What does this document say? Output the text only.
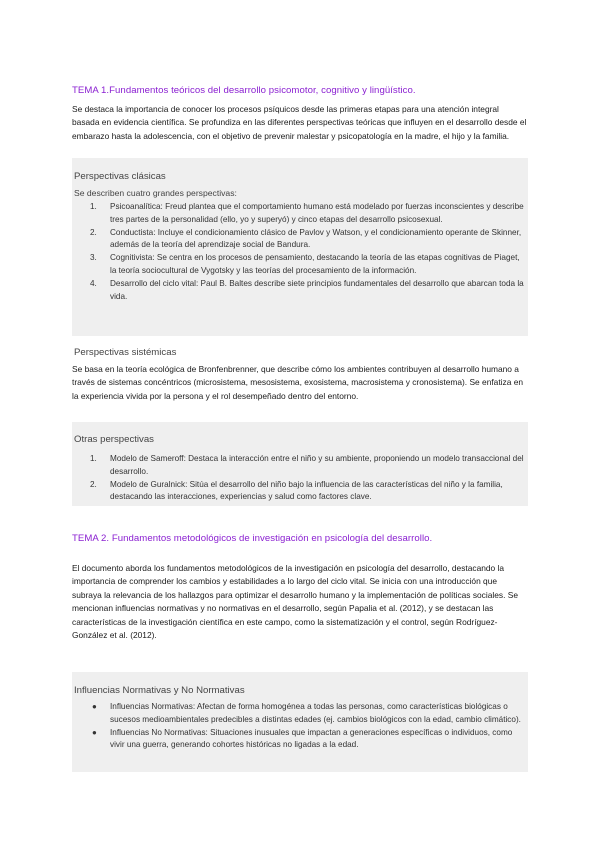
TEMA 1.Fundamentos teóricos del desarrollo psicomotor, cognitivo y lingüístico.
Se destaca la importancia de conocer los procesos psíquicos desde las primeras etapas para una atención integral basada en evidencia científica. Se profundiza en las diferentes perspectivas teóricas que influyen en el desarrollo desde el embarazo hasta la adolescencia, con el objetivo de prevenir malestar y psicopatología en la madre, el hijo y la familia.
Perspectivas clásicas
Se describen cuatro grandes perspectivas:
1.	Psicoanalítica: Freud plantea que el comportamiento humano está modelado por fuerzas inconscientes y describe tres partes de la personalidad (ello, yo y superyó) y cinco etapas del desarrollo psicosexual.
2.	Conductista: Incluye el condicionamiento clásico de Pavlov y Watson, y el condicionamiento operante de Skinner, además de la teoría del aprendizaje social de Bandura.
3.	Cognitivista: Se centra en los procesos de pensamiento, destacando la teoría de las etapas cognitivas de Piaget, la teoría sociocultural de Vygotsky y las teorías del procesamiento de la información.
4.	Desarrollo del ciclo vital: Paul B. Baltes describe siete principios fundamentales del desarrollo que abarcan toda la vida.
Perspectivas sistémicas
Se basa en la teoría ecológica de Bronfenbrenner, que describe cómo los ambientes contribuyen al desarrollo humano a través de sistemas concéntricos (microsistema, mesosistema, exosistema, macrosistema y cronosistema). Se enfatiza en la experiencia vivida por la persona y el rol desempeñado dentro del entorno.
Otras perspectivas
1.	Modelo de Sameroff: Destaca la interacción entre el niño y su ambiente, proponiendo un modelo transaccional del desarrollo.
2.	Modelo de Guralnick: Sitúa el desarrollo del niño bajo la influencia de las características del niño y la familia, destacando las interacciones, experiencias y salud como factores clave.
TEMA 2. Fundamentos metodológicos de investigación en psicología del desarrollo.
El documento aborda los fundamentos metodológicos de la investigación en psicología del desarrollo, destacando la importancia de comprender los cambios y estabilidades a lo largo del ciclo vital. Se inicia con una introducción que subraya la relevancia de los hallazgos para optimizar el desarrollo humano y la implementación de políticas sociales. Se mencionan influencias normativas y no normativas en el desarrollo, según Papalia et al. (2012), y se destacan las características de la investigación científica en este campo, como la sistematización y el control, según Rodríguez-González et al. (2012).
Influencias Normativas y No Normativas
● Influencias Normativas: Afectan de forma homogénea a todas las personas, como características biológicas o sucesos medioambientales predecibles a distintas edades (ej. cambios biológicos con la edad, cambio climático).
● Influencias No Normativas: Situaciones inusuales que impactan a generaciones específicas o individuos, como vivir una guerra, generando cohortes históricas no ligadas a la edad.
